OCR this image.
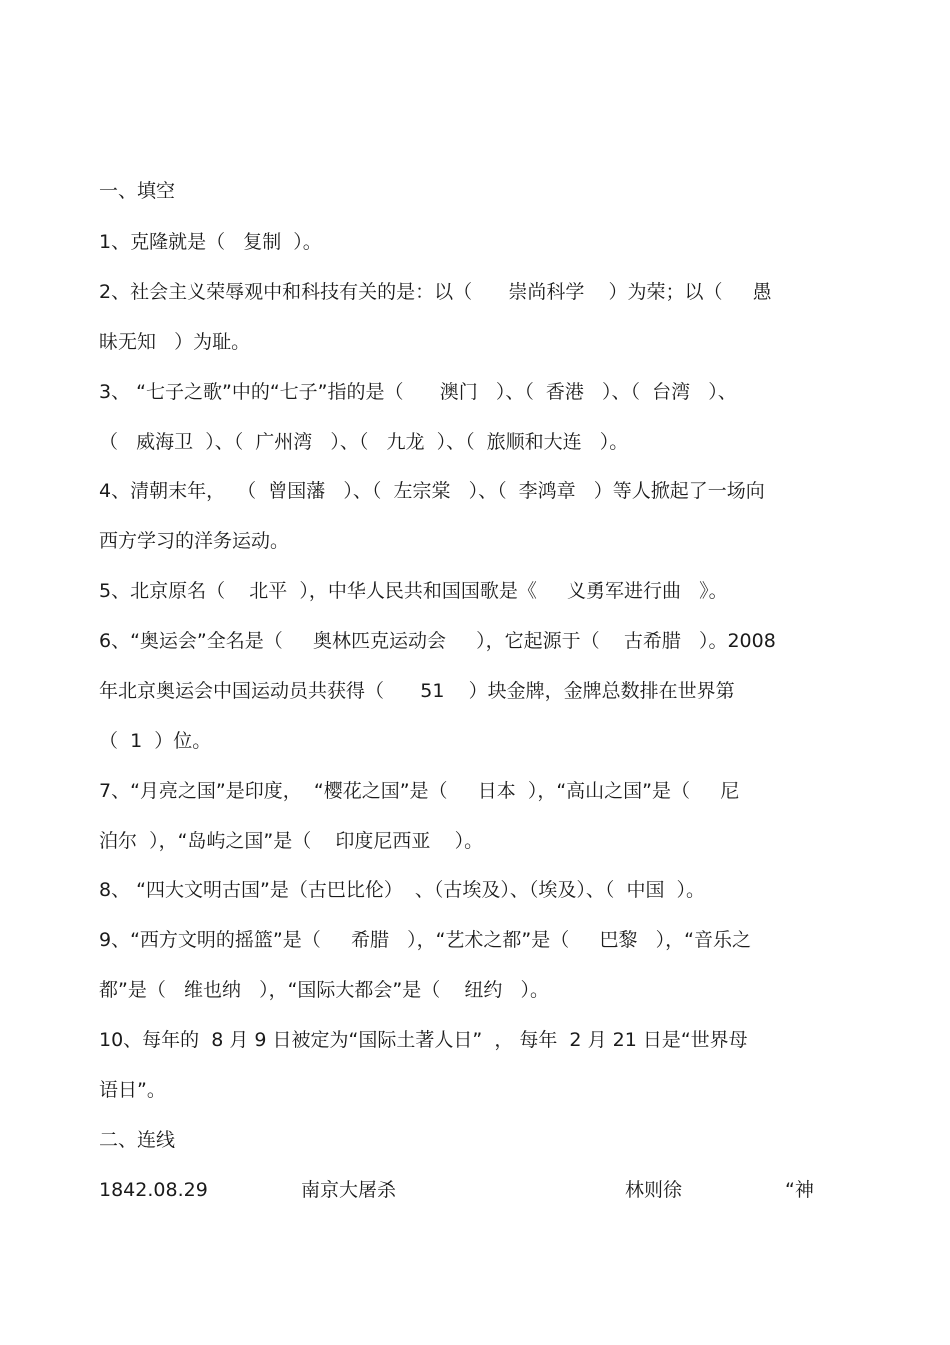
一、填空
1、克隆就是（   复制  ）。
2、社会主义荣辱观中和科技有关的是：以（      崇尚科学    ）为荣；以（     愚
昧无知   ）为耻。
3、 “七子之歌”中的“七子”指的是（      澳门   ）、（  香港   ）、（  台湾   ）、
（   威海卫  ）、（  广州湾   ）、（   九龙  ）、（  旅顺和大连   ）。
4、清朝末年，  （  曾国藩   ）、（  左宗棠   ）、（  李鸿章   ）等人掀起了一场向
西方学习的洋务运动。
5、北京原名（    北平  ），中华人民共和国国歌是《     义勇军进行曲   》。
6、“奥运会”全名是（     奥林匹克运动会     ），它起源于（    古希腊   ）。2008
年北京奥运会中国运动员共获得（      51    ）块金牌，金牌总数排在世界第
（  1  ）位。
7、“月亮之国”是印度，  “樱花之国”是（     日本  ），“高山之国”是（     尼
泊尔  ），“岛屿之国”是（    印度尼西亚    ）。
8、 “四大文明古国”是（古巴比伦）  、（古埃及）、（埃及）、（  中国  ）。
9、“西方文明的摇篮”是（     希腊   ），“艺术之都”是（     巴黎   ），“音乐之
都”是（   维也纳   ），“国际大都会”是（    纽约   ）。
10、每年的  8 月 9 日被定为“国际土著人日”  ， 每年  2 月 21 日是“世界母
语日”。
二、连线
1842.08.29	南京大屠杀	林则徐	“神
